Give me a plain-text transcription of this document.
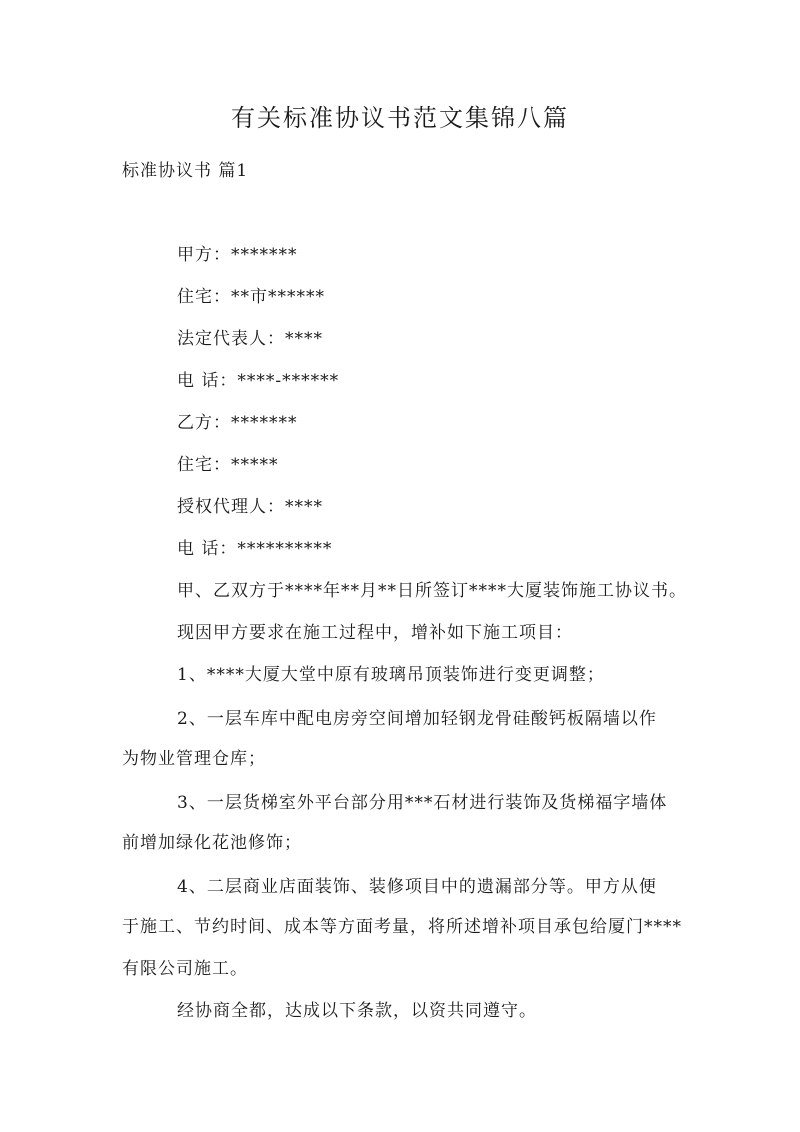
有关标准协议书范文集锦八篇
标准协议书 篇1
甲方：*******
住宅：**市******
法定代表人：****
电 话：****-******
乙方：*******
住宅：*****
授权代理人：****
电 话：**********
甲、乙双方于****年**月**日所签订****大厦装饰施工协议书。
现因甲方要求在施工过程中，增补如下施工项目：
1、****大厦大堂中原有玻璃吊顶装饰进行变更调整；
2、一层车库中配电房旁空间增加轻钢龙骨硅酸钙板隔墙以作
为物业管理仓库；
3、一层货梯室外平台部分用***石材进行装饰及货梯福字墙体
前增加绿化花池修饰；
4、二层商业店面装饰、装修项目中的遗漏部分等。甲方从便
于施工、节约时间、成本等方面考量，将所述增补项目承包给厦门****
有限公司施工。
经协商全都，达成以下条款，以资共同遵守。
